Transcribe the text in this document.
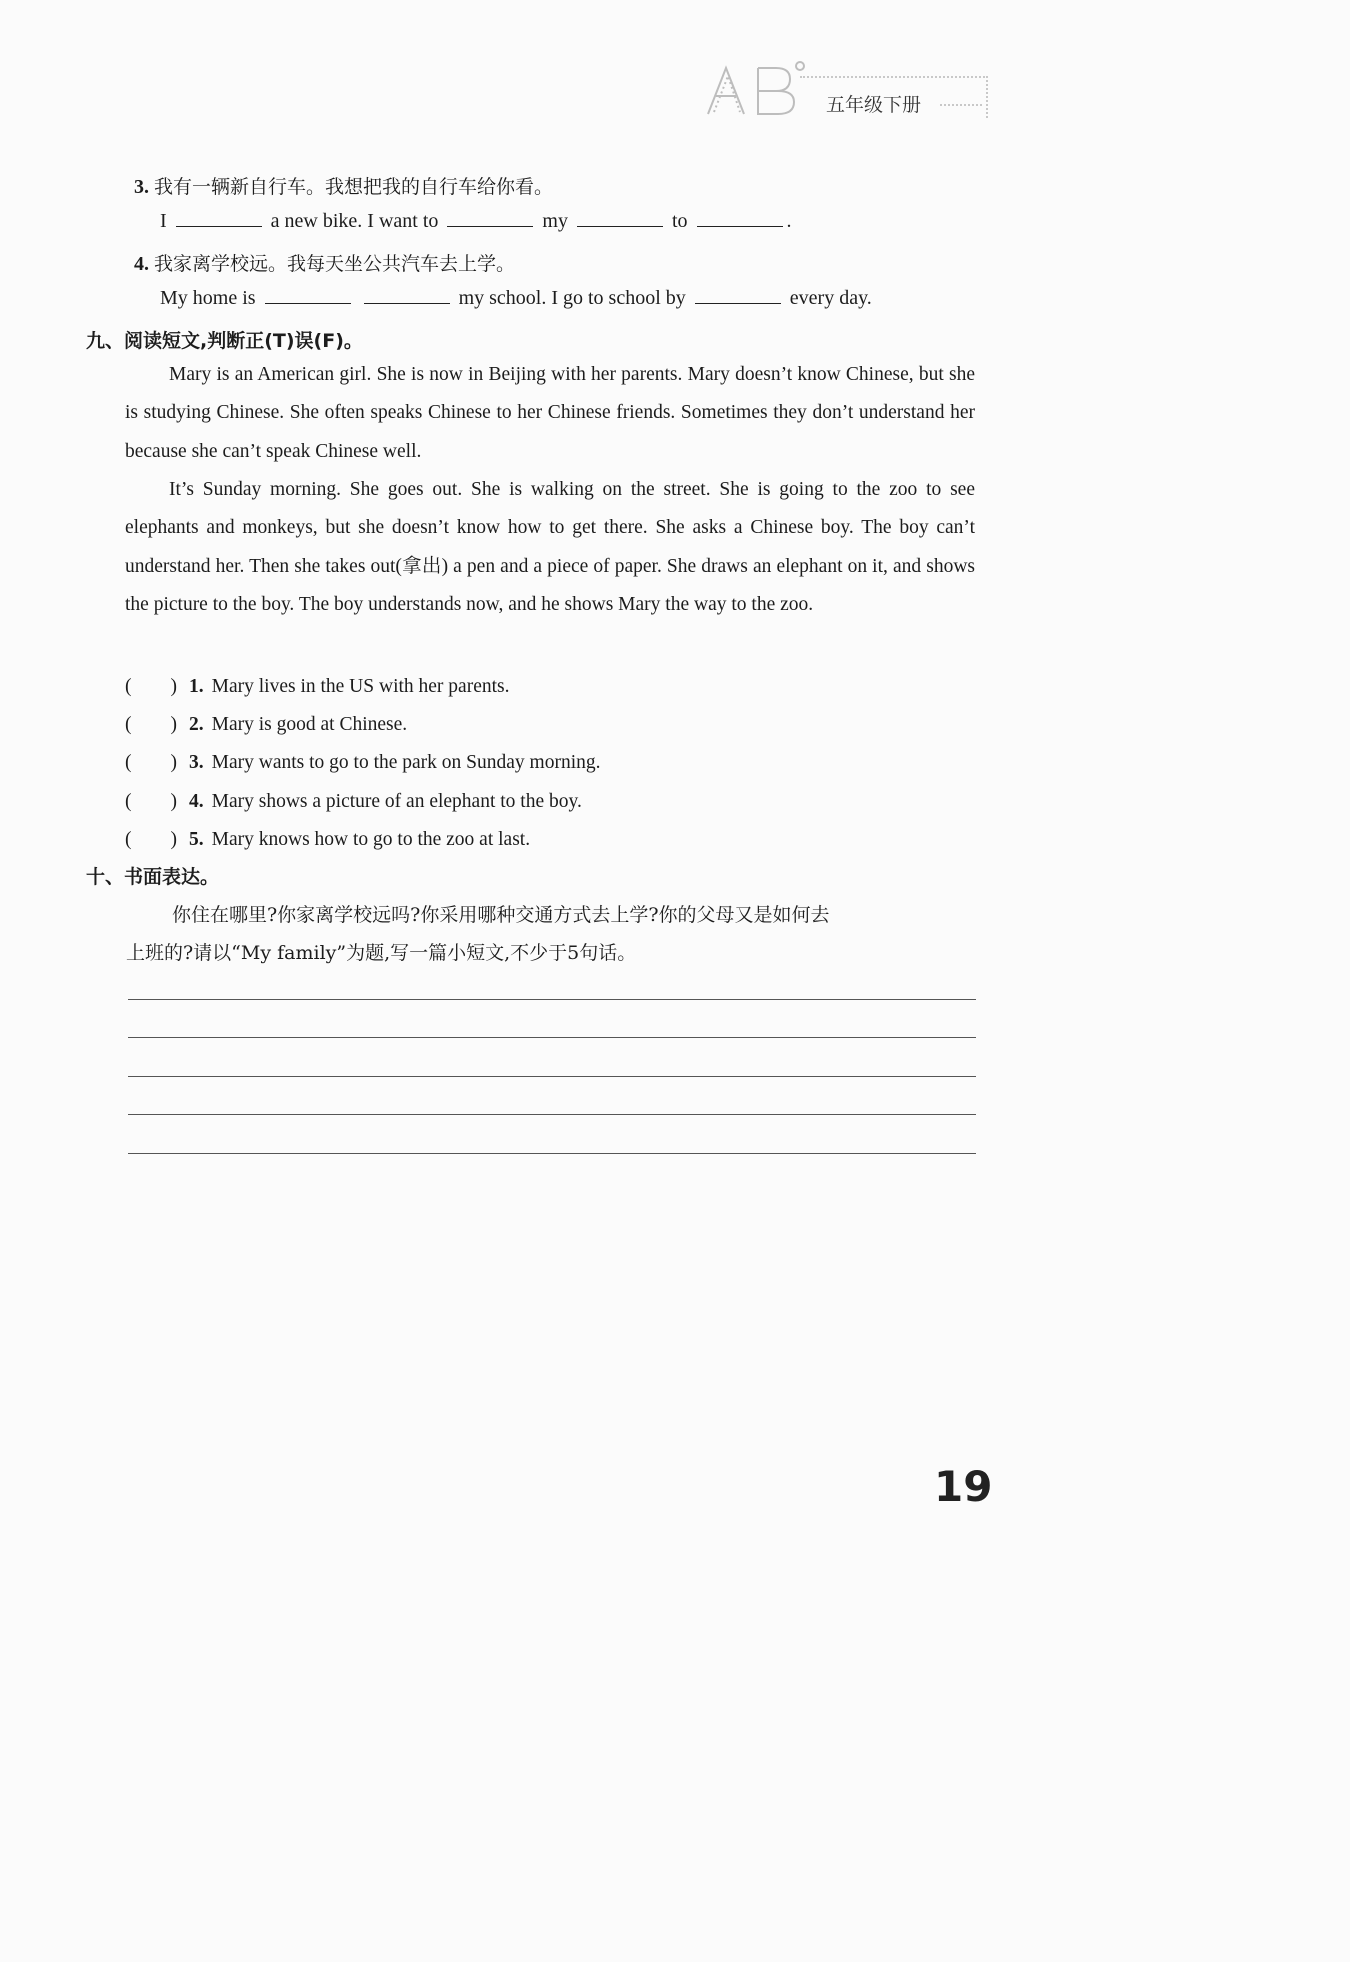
五年级下册
3. 我有一辆新自行车。我想把我的自行车给你看。
I	a new bike. I want to	my	to	.
4. 我家离学校远。我每天坐公共汽车去上学。
My home is	my school. I go to school by	every day.
九、阅读短文,判断正(T)误(F)。
Mary is an American girl. She is now in Beijing with her parents. Mary doesn’t know Chinese, but she is studying Chinese. She often speaks Chinese to her Chinese friends. Sometimes they don’t understand her because she can’t speak Chinese well.
It’s Sunday morning. She goes out. She is walking on the street. She is going to the zoo to see elephants and monkeys, but she doesn’t know how to get there. She asks a Chinese boy. The boy can’t understand her. Then she takes out(拿出) a pen and a piece of paper. She draws an elephant on it, and shows the picture to the boy. The boy understands now, and he shows Mary the way to the zoo.
(　　) 1. Mary lives in the US with her parents.
(　　) 2. Mary is good at Chinese.
(　　) 3. Mary wants to go to the park on Sunday morning.
(　　) 4. Mary shows a picture of an elephant to the boy.
(　　) 5. Mary knows how to go to the zoo at last.
十、书面表达。
你住在哪里?你家离学校远吗?你采用哪种交通方式去上学?你的父母又是如何去
上班的?请以“My family”为题,写一篇小短文,不少于5句话。
19
